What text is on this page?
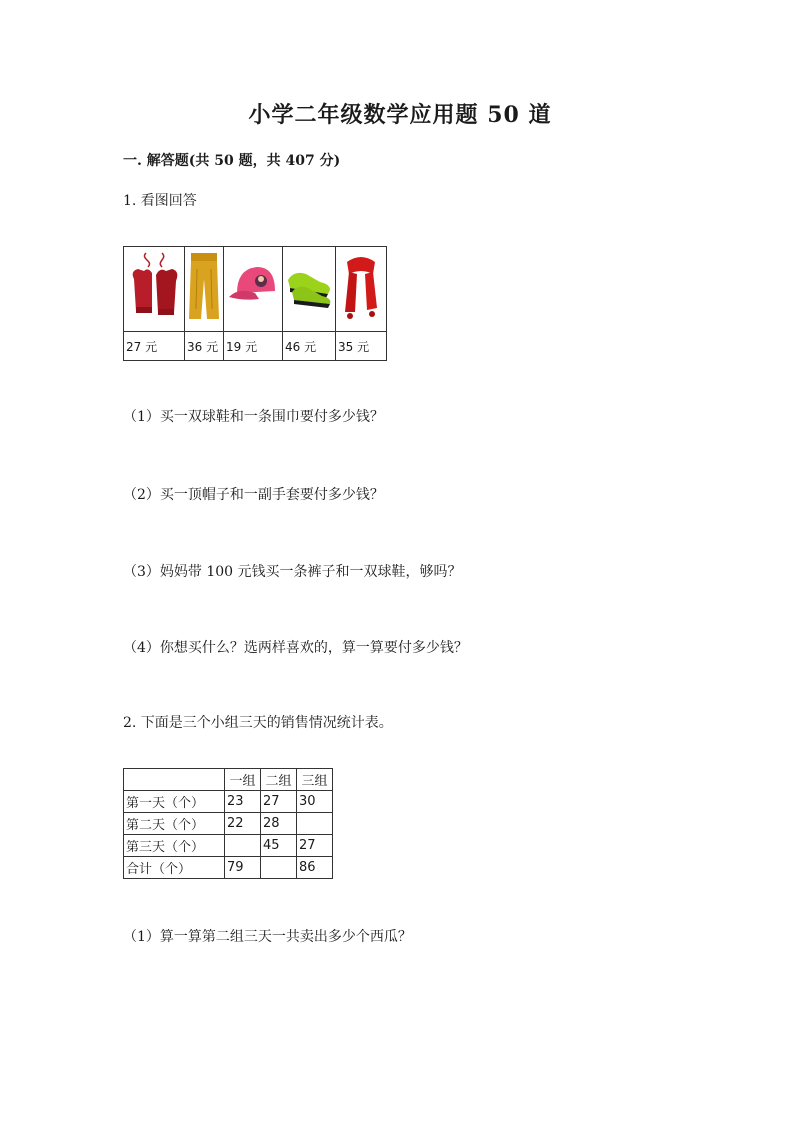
小学二年级数学应用题 50 道
一. 解答题(共 50 题，共 407 分)
1. 看图回答

27 元	36 元	19 元	46 元	35 元
（1）买一双球鞋和一条围巾要付多少钱？
（2）买一顶帽子和一副手套要付多少钱？
（3）妈妈带 100 元钱买一条裤子和一双球鞋，够吗？
（4）你想买什么？选两样喜欢的，算一算要付多少钱？
2. 下面是三个小组三天的销售情况统计表。
	一组	二组	三组
第一天（个）	23	27	30
第二天（个）	22	28	
第三天（个）		45	27
合计（个）	79		86
（1）算一算第二组三天一共卖出多少个西瓜？
